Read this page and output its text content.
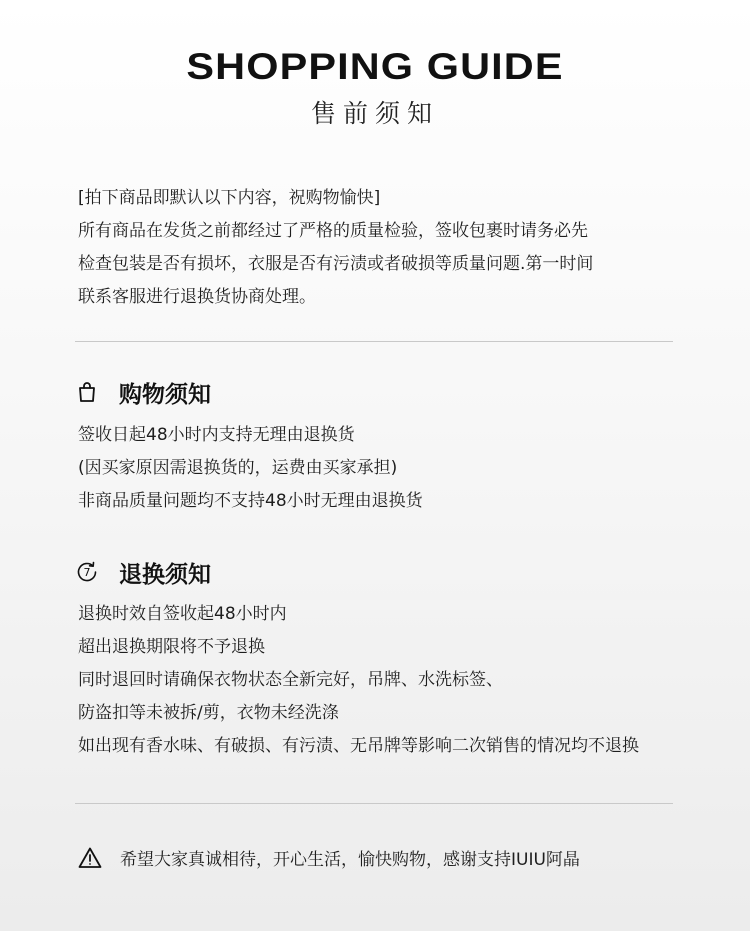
SHOPPING GUIDE
售前须知
[拍下商品即默认以下内容，祝购物愉快]
所有商品在发货之前都经过了严格的质量检验，签收包裹时请务必先
检查包装是否有损坏，衣服是否有污渍或者破损等质量问题.第一时间
联系客服进行退换货协商处理。
购物须知
签收日起48小时内支持无理由退换货
(因买家原因需退换货的，运费由买家承担)
非商品质量问题均不支持48小时无理由退换货
7 退换须知
退换时效自签收起48小时内
超出退换期限将不予退换
同时退回时请确保衣物状态全新完好，吊牌、水洗标签、
防盗扣等未被拆/剪，衣物未经洗涤
如出现有香水味、有破损、有污渍、无吊牌等影响二次销售的情况均不退换
希望大家真诚相待，开心生活，愉快购物，感谢支持IUIU阿晶
